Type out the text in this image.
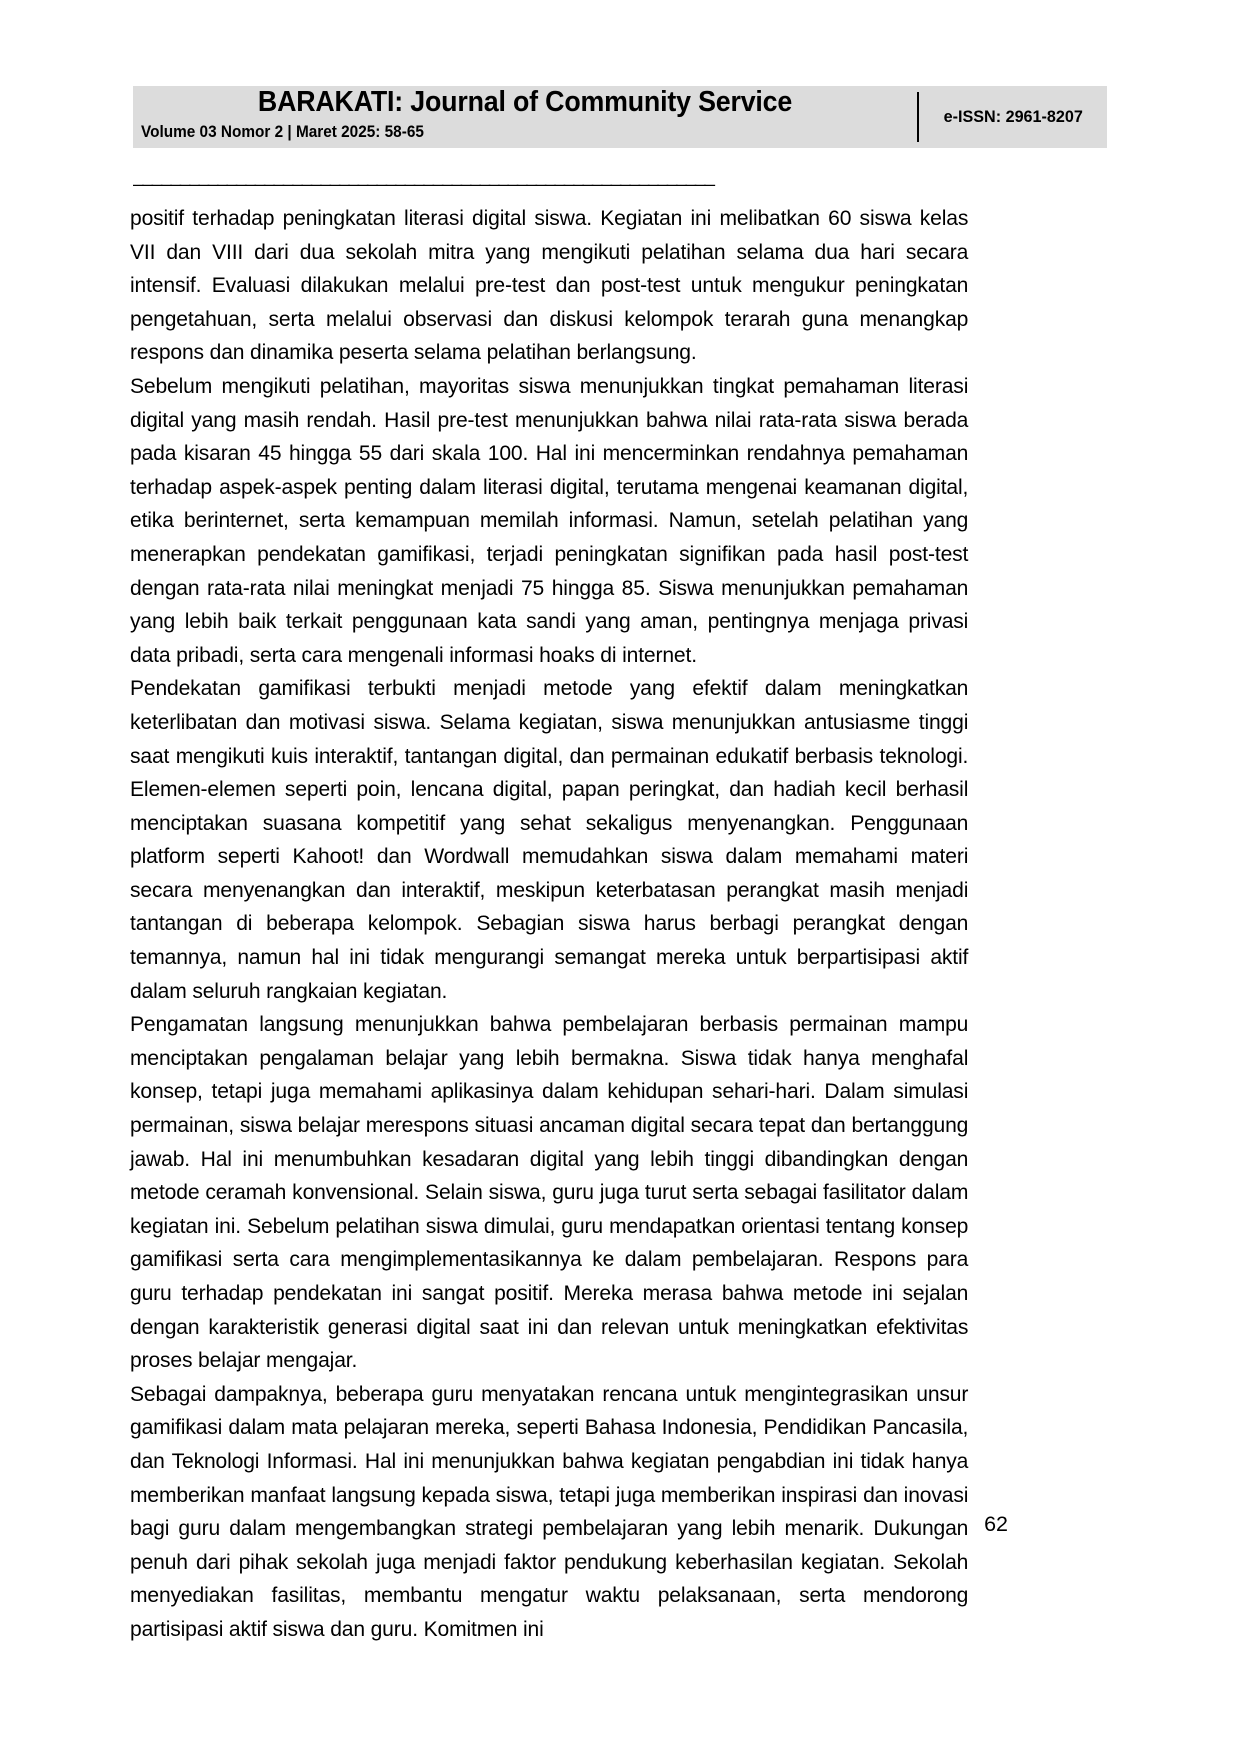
BARAKATI: Journal of Community Service
Volume 03 Nomor 2 | Maret 2025: 58-65
e-ISSN: 2961-8207
______________________________________________________________

positif terhadap peningkatan literasi digital siswa. Kegiatan ini melibatkan 60 siswa kelas VII dan VIII dari dua sekolah mitra yang mengikuti pelatihan selama dua hari secara intensif. Evaluasi dilakukan melalui pre-test dan post-test untuk mengukur peningkatan pengetahuan, serta melalui observasi dan diskusi kelompok terarah guna menangkap respons dan dinamika peserta selama pelatihan berlangsung.

Sebelum mengikuti pelatihan, mayoritas siswa menunjukkan tingkat pemahaman literasi digital yang masih rendah. Hasil pre-test menunjukkan bahwa nilai rata-rata siswa berada pada kisaran 45 hingga 55 dari skala 100. Hal ini mencerminkan rendahnya pemahaman terhadap aspek-aspek penting dalam literasi digital, terutama mengenai keamanan digital, etika berinternet, serta kemampuan memilah informasi. Namun, setelah pelatihan yang menerapkan pendekatan gamifikasi, terjadi peningkatan signifikan pada hasil post-test dengan rata-rata nilai meningkat menjadi 75 hingga 85. Siswa menunjukkan pemahaman yang lebih baik terkait penggunaan kata sandi yang aman, pentingnya menjaga privasi data pribadi, serta cara mengenali informasi hoaks di internet.

Pendekatan gamifikasi terbukti menjadi metode yang efektif dalam meningkatkan keterlibatan dan motivasi siswa. Selama kegiatan, siswa menunjukkan antusiasme tinggi saat mengikuti kuis interaktif, tantangan digital, dan permainan edukatif berbasis teknologi. Elemen-elemen seperti poin, lencana digital, papan peringkat, dan hadiah kecil berhasil menciptakan suasana kompetitif yang sehat sekaligus menyenangkan. Penggunaan platform seperti Kahoot! dan Wordwall memudahkan siswa dalam memahami materi secara menyenangkan dan interaktif, meskipun keterbatasan perangkat masih menjadi tantangan di beberapa kelompok. Sebagian siswa harus berbagi perangkat dengan temannya, namun hal ini tidak mengurangi semangat mereka untuk berpartisipasi aktif dalam seluruh rangkaian kegiatan.

Pengamatan langsung menunjukkan bahwa pembelajaran berbasis permainan mampu menciptakan pengalaman belajar yang lebih bermakna. Siswa tidak hanya menghafal konsep, tetapi juga memahami aplikasinya dalam kehidupan sehari-hari. Dalam simulasi permainan, siswa belajar merespons situasi ancaman digital secara tepat dan bertanggung jawab. Hal ini menumbuhkan kesadaran digital yang lebih tinggi dibandingkan dengan metode ceramah konvensional. Selain siswa, guru juga turut serta sebagai fasilitator dalam kegiatan ini. Sebelum pelatihan siswa dimulai, guru mendapatkan orientasi tentang konsep gamifikasi serta cara mengimplementasikannya ke dalam pembelajaran. Respons para guru terhadap pendekatan ini sangat positif. Mereka merasa bahwa metode ini sejalan dengan karakteristik generasi digital saat ini dan relevan untuk meningkatkan efektivitas proses belajar mengajar.

Sebagai dampaknya, beberapa guru menyatakan rencana untuk mengintegrasikan unsur gamifikasi dalam mata pelajaran mereka, seperti Bahasa Indonesia, Pendidikan Pancasila, dan Teknologi Informasi. Hal ini menunjukkan bahwa kegiatan pengabdian ini tidak hanya memberikan manfaat langsung kepada siswa, tetapi juga memberikan inspirasi dan inovasi bagi guru dalam mengembangkan strategi pembelajaran yang lebih menarik. Dukungan penuh dari pihak sekolah juga menjadi faktor pendukung keberhasilan kegiatan. Sekolah menyediakan fasilitas, membantu mengatur waktu pelaksanaan, serta mendorong partisipasi aktif siswa dan guru. Komitmen ini

62
